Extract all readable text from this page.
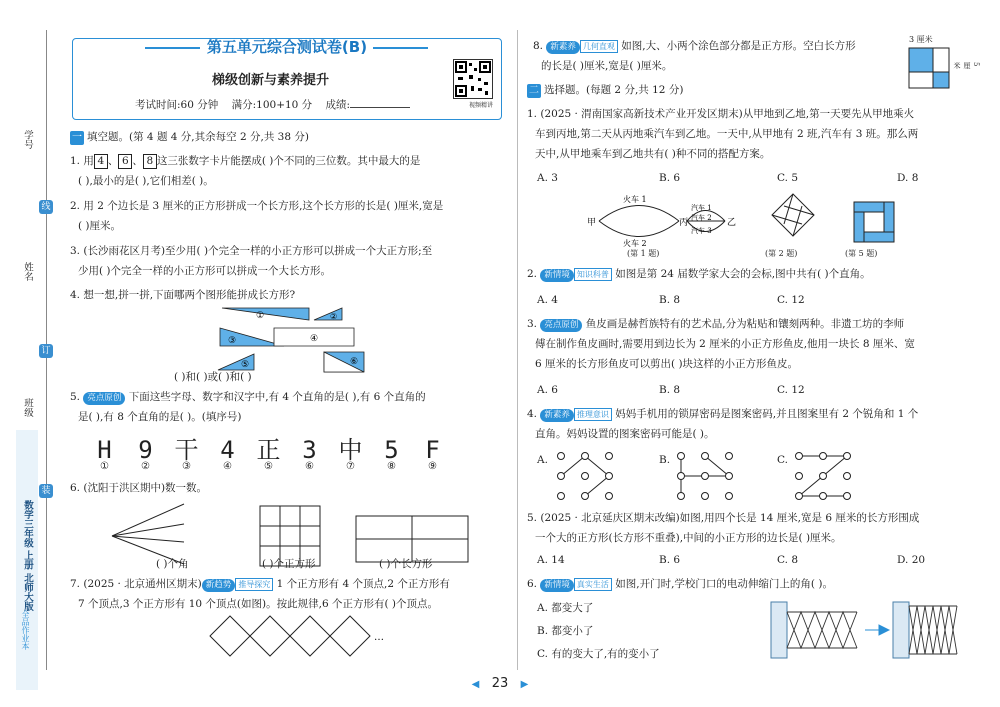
学号
姓名
班级
线
订
装
数学三年级 上册 北师大版
全品作业本
第五单元综合测试卷(B)
梯级创新与素养提升
考试时间:60 分钟 满分:100+10 分 成绩:	视频精讲
一 填空题。(第 4 题 4 分,其余每空 2 分,共 38 分)
1. 用 4 、 6 、 8 这三张数字卡片能摆成( )个不同的三位数。其中最大的是
( ),最小的是( ),它们相差( )。
2. 用 2 个边长是 3 厘米的正方形拼成一个长方形,这个长方形的长是( )厘米,宽是
( )厘米。
3. (长沙雨花区月考)至少用( )个完全一样的小正方形可以拼成一个大正方形;至
少用( )个完全一样的小正方形可以拼成一个大长方形。
4. 想一想,拼一拼,下面哪两个图形能拼成长方形?
①	②
③	④
⑤	⑥
( )和( )或( )和( )
5. 亮点原创 下面这些字母、数字和汉字中,有 4 个直角的是( ),有 6 个直角的
是( ),有 8 个直角的是( )。(填序号)
H 9 干 4 正 3 中 5 F
①	②	③	④	⑤	⑥	⑦	⑧	⑨
6. (沈阳于洪区期中)数一数。
( )个角	( )个正方形	( )个长方形
7. (2025 · 北京通州区期末) 新趋势 推导探究 1 个正方形有 4 个顶点,2 个正方形有
7 个顶点,3 个正方形有 10 个顶点(如图)。按此规律,6 个正方形有( )个顶点。
…
8. 新素养 几何直观 如图,大、小两个涂色部分都是正方形。空白长方形
的长是( )厘米,宽是( )厘米。
3 厘米
5 厘米
二 选择题。(每题 2 分,共 12 分)
1. (2025 · 渭南国家高新技术产业开发区期末)从甲地到乙地,第一天要先从甲地乘火
车到丙地,第二天从丙地乘汽车到乙地。一天中,从甲地有 2 班,汽车有 3 班。那么两
天中,从甲地乘车到乙地共有( )种不同的搭配方案。
A. 3	B. 6	C. 5	D. 8
甲	丙	乙
火车 1
火车 2
汽车 1
汽车 2
汽车 3
(第 1 题)	(第 2 题)	(第 5 题)
2. 新情境 知识科普 如图是第 24 届数学家大会的会标,图中共有( )个直角。
A. 4	B. 8	C. 12
3. 亮点原创 鱼皮画是赫哲族特有的艺术品,分为粘贴和镶刻两种。非遗工坊的李师
傅在制作鱼皮画时,需要用到边长为 2 厘米的小正方形鱼皮,他用一块长 8 厘米、宽
6 厘米的长方形鱼皮可以剪出( )块这样的小正方形鱼皮。
A. 6	B. 8	C. 12
4. 新素养 推理意识 妈妈手机用的锁屏密码是图案密码,并且图案里有 2 个锐角和 1 个
直角。妈妈设置的图案密码可能是( )。
A.	B.	C.
5. (2025 · 北京延庆区期末改编)如图,用四个长是 14 厘米,宽是 6 厘米的长方形围成
一个大的正方形(长方形不重叠),中间的小正方形的边长是( )厘米。
A. 14	B. 6	C. 8	D. 20
6. 新情境 真实生活 如图,开门时,学校门口的电动伸缩门上的角( )。
A. 都变大了
B. 都变小了
C. 有的变大了,有的变小了
◀ 23 ▶
